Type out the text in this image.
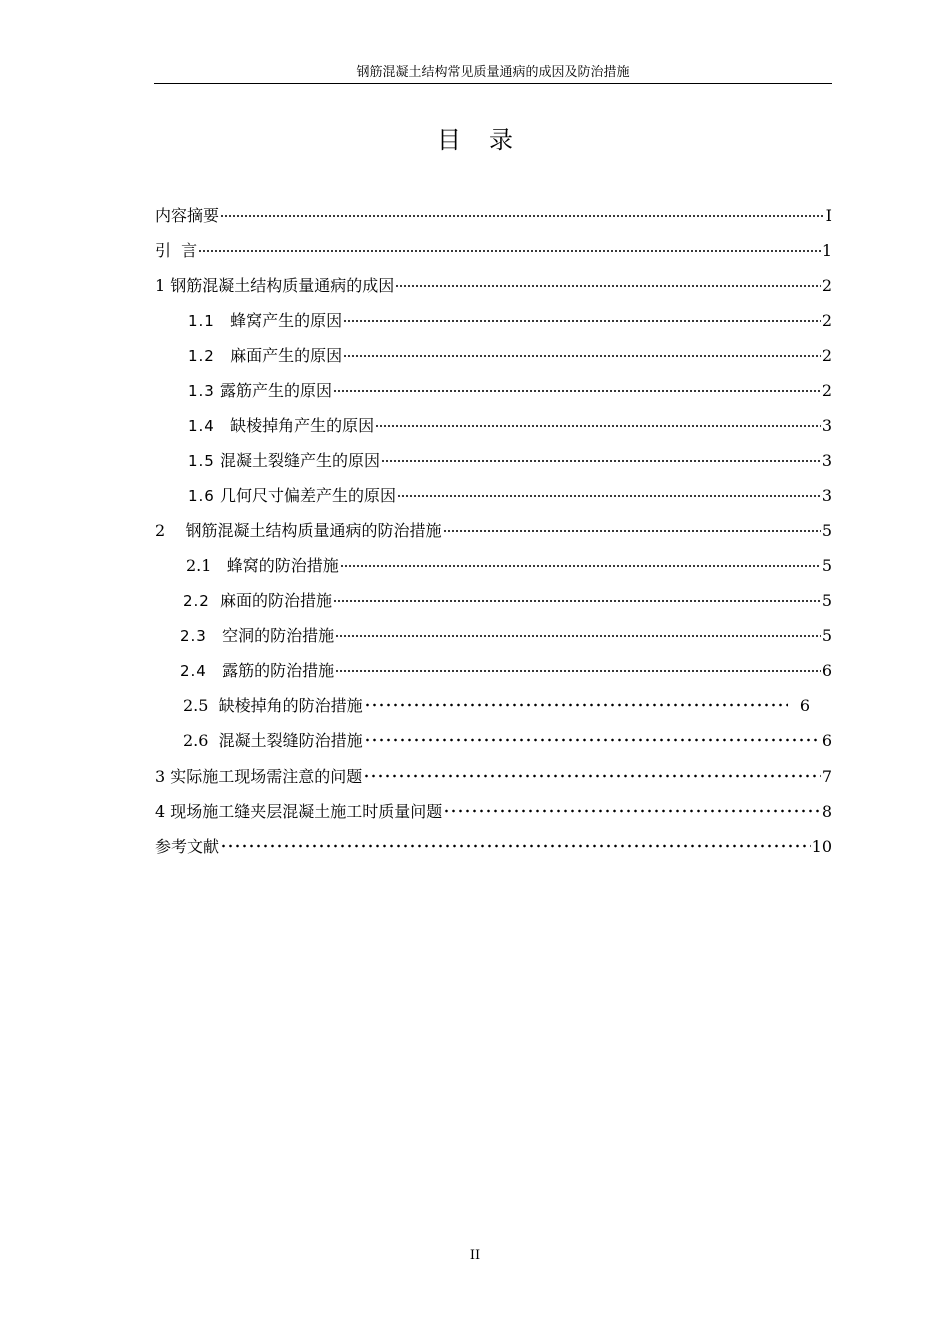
钢筋混凝土结构常见质量通病的成因及防治措施
目录
内容摘要	I
引  言	1
1 钢筋混凝土结构质量通病的成因	2
1.1 蜂窝产生的原因	2
1.2 麻面产生的原因	2
1.3 露筋产生的原因	2
1.4 缺棱掉角产生的原因	3
1.5 混凝土裂缝产生的原因	3
1.6 几何尺寸偏差产生的原因	3
2 钢筋混凝土结构质量通病的防治措施	5
2.1 蜂窝的防治措施	5
2.2 麻面的防治措施	5
2.3 空洞的防治措施	5
2.4 露筋的防治措施	6
2.5 缺棱掉角的防治措施	6
2.6 混凝土裂缝防治措施	6
3 实际施工现场需注意的问题	7
4 现场施工缝夹层混凝土施工时质量问题	8
参考文献	10
II
